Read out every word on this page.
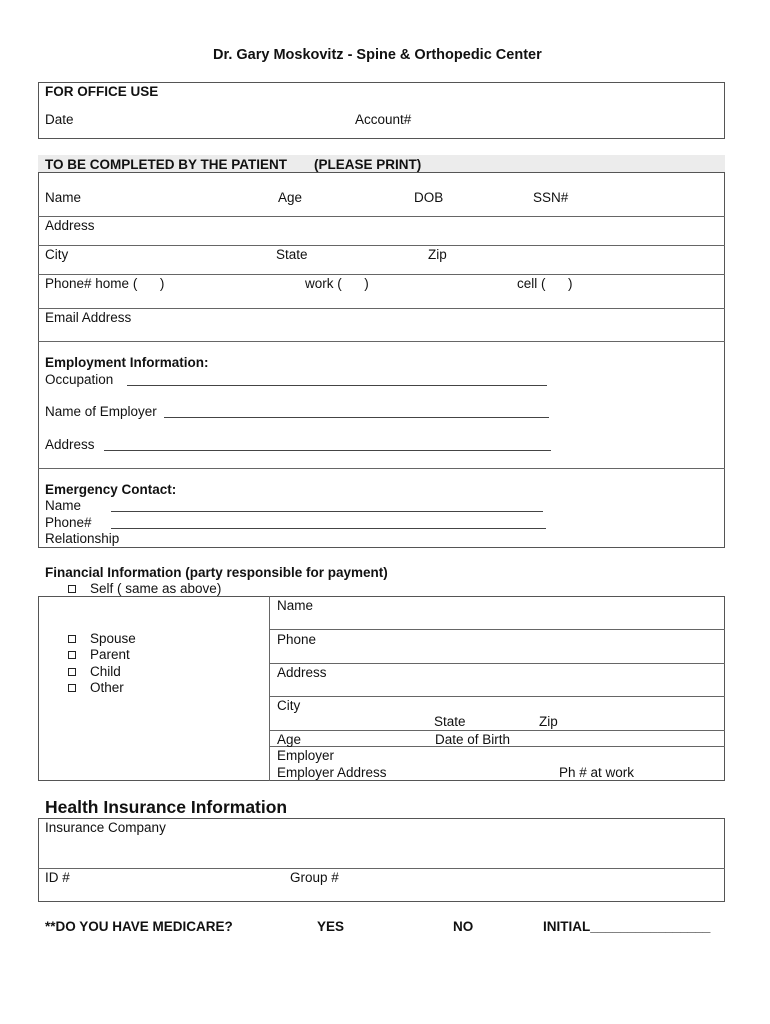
Dr. Gary Moskovitz - Spine & Orthopedic Center
FOR OFFICE USE
Date	Account#
TO BE COMPLETED BY THE PATIENT (PLEASE PRINT)
Name	Age	DOB	SSN#
Address
City	State	Zip
Phone# home (      )	work (      )	cell (      )
Email Address
Employment Information:
Occupation
Name of Employer
Address
Emergency Contact:
Name
Phone#
Relationship
Financial Information (party responsible for payment)
Self ( same as above)
Spouse
Parent
Child
Other
Name
Phone
Address
City
State	Zip
Age	Date of Birth
Employer
Employer Address	Ph # at work
Health Insurance Information
Insurance Company
ID #	Group #
**DO YOU HAVE MEDICARE?	YES	NO	INITIAL________________
